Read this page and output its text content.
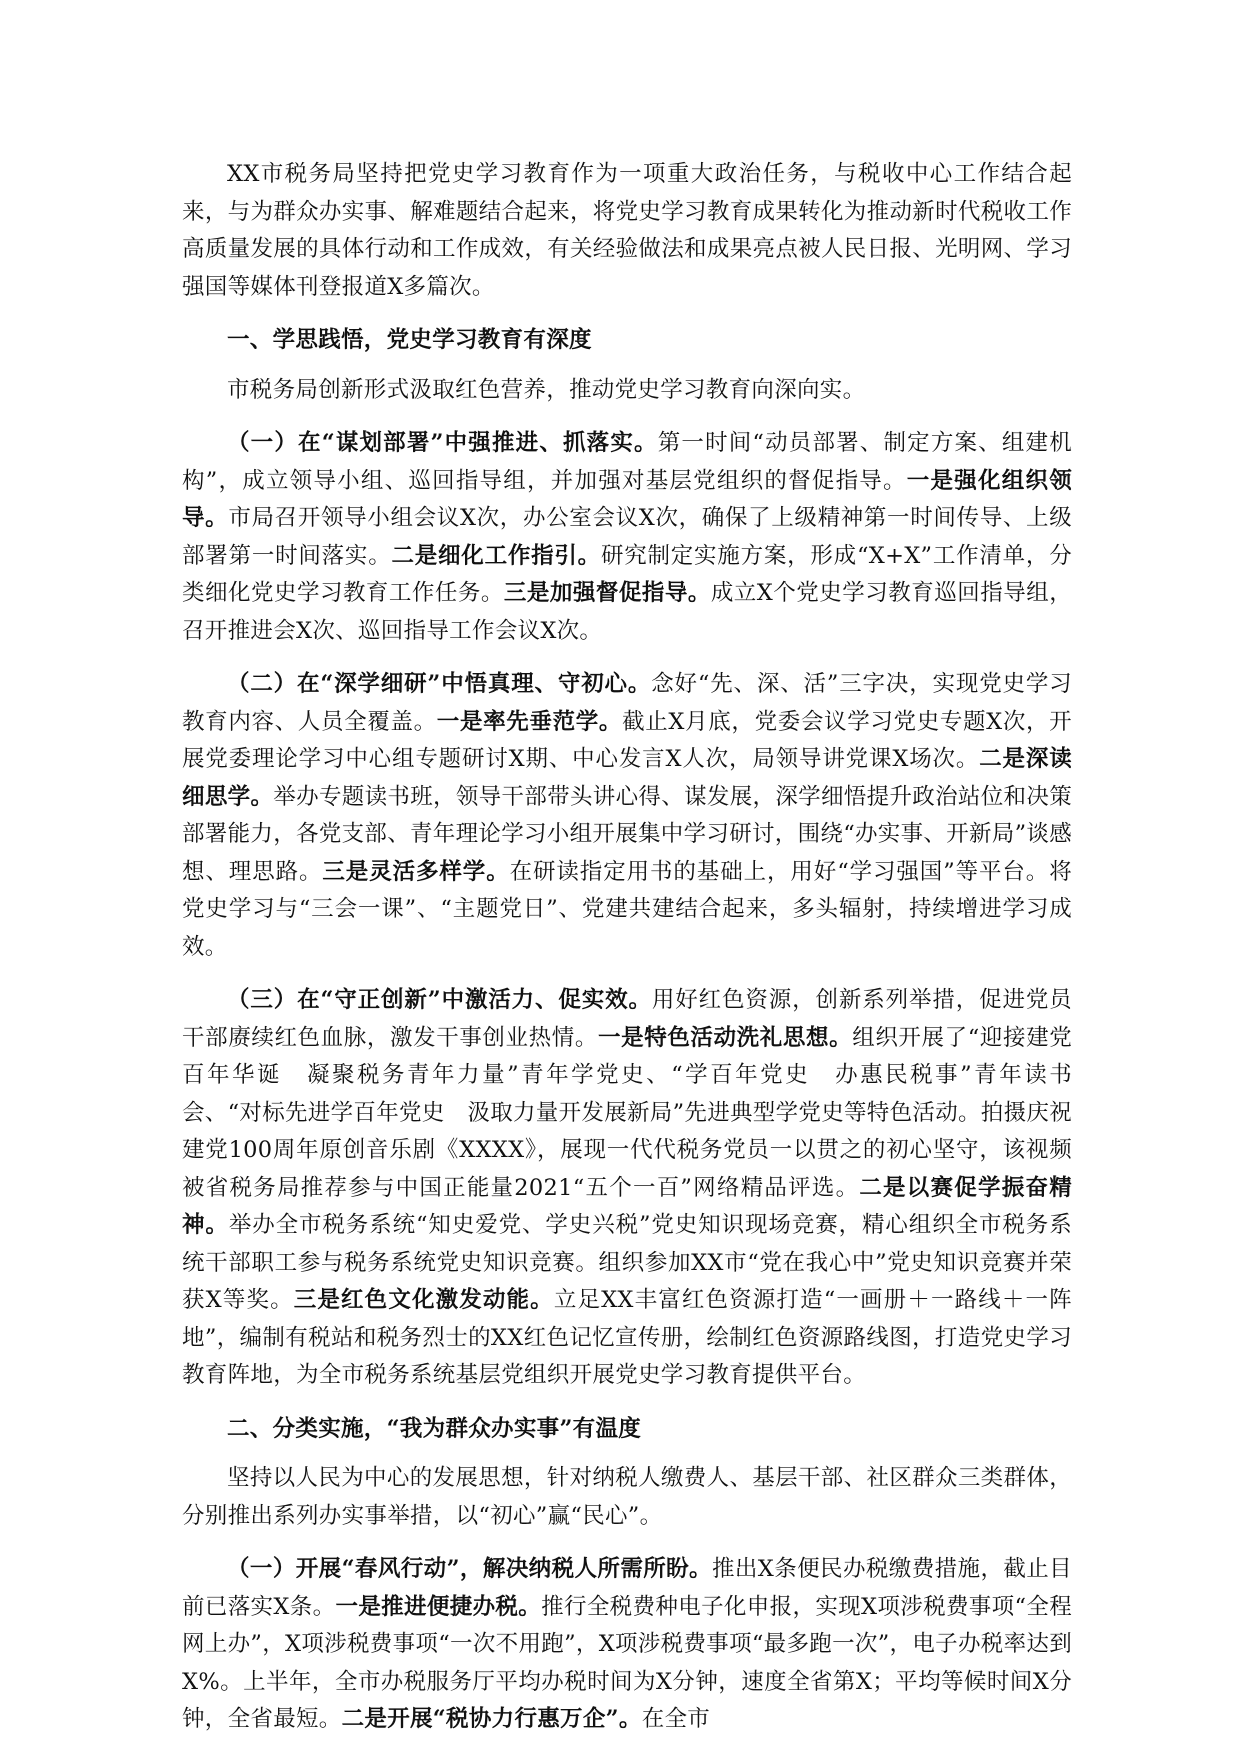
XX市税务局坚持把党史学习教育作为一项重大政治任务，与税收中心工作结合起来，与为群众办实事、解难题结合起来，将党史学习教育成果转化为推动新时代税收工作高质量发展的具体行动和工作成效，有关经验做法和成果亮点被人民日报、光明网、学习强国等媒体刊登报道X多篇次。

一、学思践悟，党史学习教育有深度

市税务局创新形式汲取红色营养，推动党史学习教育向深向实。

（一）在“谋划部署”中强推进、抓落实。第一时间“动员部署、制定方案、组建机构”，成立领导小组、巡回指导组，并加强对基层党组织的督促指导。一是强化组织领导。市局召开领导小组会议X次，办公室会议X次，确保了上级精神第一时间传导、上级部署第一时间落实。二是细化工作指引。研究制定实施方案，形成“X+X”工作清单，分类细化党史学习教育工作任务。三是加强督促指导。成立X个党史学习教育巡回指导组，召开推进会X次、巡回指导工作会议X次。

（二）在“深学细研”中悟真理、守初心。念好“先、深、活”三字决，实现党史学习教育内容、人员全覆盖。一是率先垂范学。截止X月底，党委会议学习党史专题X次，开展党委理论学习中心组专题研讨X期、中心发言X人次，局领导讲党课X场次。二是深读细思学。举办专题读书班，领导干部带头讲心得、谋发展，深学细悟提升政治站位和决策部署能力，各党支部、青年理论学习小组开展集中学习研讨，围绕“办实事、开新局”谈感想、理思路。三是灵活多样学。在研读指定用书的基础上，用好“学习强国”等平台。将党史学习与“三会一课”、“主题党日”、党建共建结合起来，多头辐射，持续增进学习成效。

（三）在“守正创新”中激活力、促实效。用好红色资源，创新系列举措，促进党员干部赓续红色血脉，激发干事创业热情。一是特色活动洗礼思想。组织开展了“迎接建党百年华诞　凝聚税务青年力量”青年学党史、“学百年党史　办惠民税事”青年读书会、“对标先进学百年党史　汲取力量开发展新局”先进典型学党史等特色活动。拍摄庆祝建党100周年原创音乐剧《XXXX》，展现一代代税务党员一以贯之的初心坚守，该视频被省税务局推荐参与中国正能量2021“五个一百”网络精品评选。二是以赛促学振奋精神。举办全市税务系统“知史爱党、学史兴税”党史知识现场竞赛，精心组织全市税务系统干部职工参与税务系统党史知识竞赛。组织参加XX市“党在我心中”党史知识竞赛并荣获X等奖。三是红色文化激发动能。立足XX丰富红色资源打造“一画册＋一路线＋一阵地”，编制有税站和税务烈士的XX红色记忆宣传册，绘制红色资源路线图，打造党史学习教育阵地，为全市税务系统基层党组织开展党史学习教育提供平台。

二、分类实施，“我为群众办实事”有温度

坚持以人民为中心的发展思想，针对纳税人缴费人、基层干部、社区群众三类群体，分别推出系列办实事举措，以“初心”赢“民心”。

（一）开展“春风行动”，解决纳税人所需所盼。推出X条便民办税缴费措施，截止目前已落实X条。一是推进便捷办税。推行全税费种电子化申报，实现X项涉税费事项“全程网上办”，X项涉税费事项“一次不用跑”，X项涉税费事项“最多跑一次”，电子办税率达到X%。上半年，全市办税服务厅平均办税时间为X分钟，速度全省第X；平均等候时间X分钟，全省最短。二是开展“税协力行惠万企”。在全市
